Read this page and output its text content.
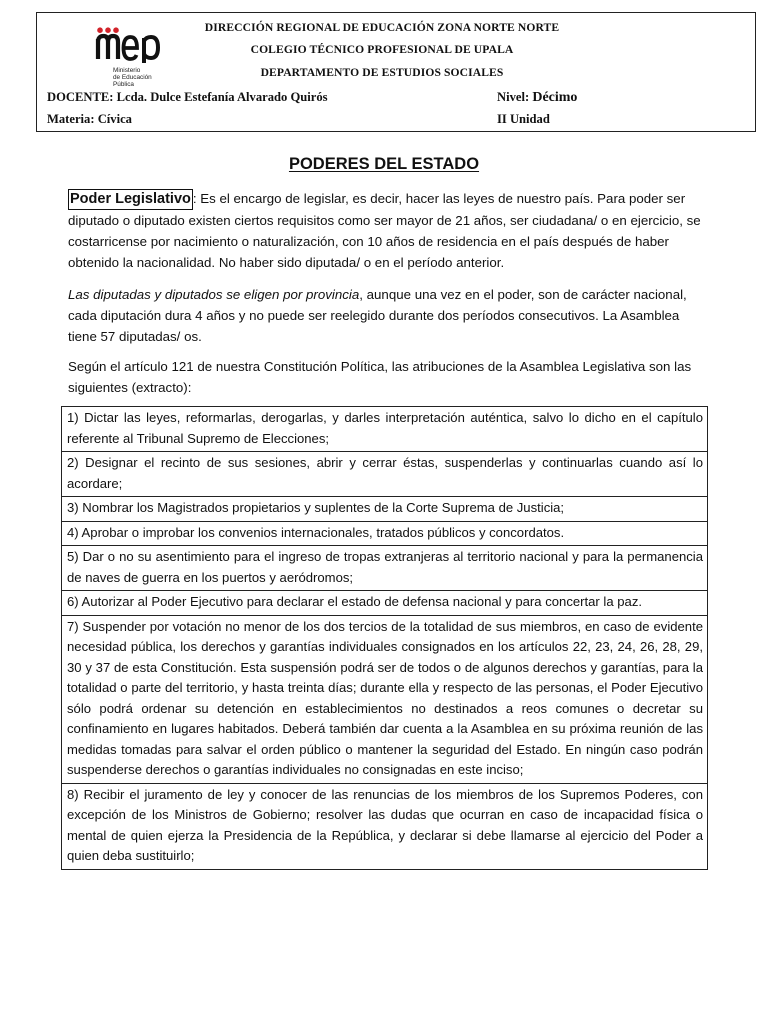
Ministerio
de Educación Pública
DIRECCIÓN REGIONAL DE EDUCACIÓN ZONA NORTE NORTE
COLEGIO TÉCNICO PROFESIONAL DE UPALA
DEPARTAMENTO DE ESTUDIOS SOCIALES
DOCENTE: Lcda. Dulce Estefanía Alvarado Quirós
Materia: Cívica
Nivel: Décimo
II Unidad
PODERES DEL ESTADO
Poder Legislativo : Es el encargo de legislar, es decir, hacer las leyes de nuestro país. Para poder ser diputado o diputado existen ciertos requisitos como ser mayor de 21 años, ser ciudadana/ o en ejercicio, se costarricense por nacimiento o naturalización, con 10 años de residencia en el país después de haber obtenido la nacionalidad. No haber sido diputada/ o en el período anterior.
Las diputadas y diputados se eligen por provincia, aunque una vez en el poder, son de carácter nacional, cada diputación dura 4 años y no puede ser reelegido durante dos períodos consecutivos. La Asamblea tiene 57 diputadas/ os.
Según el artículo 121 de nuestra Constitución Política, las atribuciones de la Asamblea Legislativa son las siguientes (extracto):
1) Dictar las leyes, reformarlas, derogarlas, y darles interpretación auténtica, salvo lo dicho en el capítulo referente al Tribunal Supremo de Elecciones;
2) Designar el recinto de sus sesiones, abrir y cerrar éstas, suspenderlas y continuarlas cuando así lo acordare;
3) Nombrar los Magistrados propietarios y suplentes de la Corte Suprema de Justicia;
4) Aprobar o improbar los convenios internacionales, tratados públicos y concordatos.
5) Dar o no su asentimiento para el ingreso de tropas extranjeras al territorio nacional y para la permanencia de naves de guerra en los puertos y aeródromos;
6) Autorizar al Poder Ejecutivo para declarar el estado de defensa nacional y para concertar la paz.
7) Suspender por votación no menor de los dos tercios de la totalidad de sus miembros, en caso de evidente necesidad pública, los derechos y garantías individuales consignados en los artículos 22, 23, 24, 26, 28, 29, 30 y 37 de esta Constitución. Esta suspensión podrá ser de todos o de algunos derechos y garantías, para la totalidad o parte del territorio, y hasta treinta días; durante ella y respecto de las personas, el Poder Ejecutivo sólo podrá ordenar su detención en establecimientos no destinados a reos comunes o decretar su confinamiento en lugares habitados. Deberá también dar cuenta a la Asamblea en su próxima reunión de las medidas tomadas para salvar el orden público o mantener la seguridad del Estado. En ningún caso podrán suspenderse derechos o garantías individuales no consignadas en este inciso;
8) Recibir el juramento de ley y conocer de las renuncias de los miembros de los Supremos Poderes, con excepción de los Ministros de Gobierno; resolver las dudas que ocurran en caso de incapacidad física o mental de quien ejerza la Presidencia de la República, y declarar si debe llamarse al ejercicio del Poder a quien deba sustituirlo;
